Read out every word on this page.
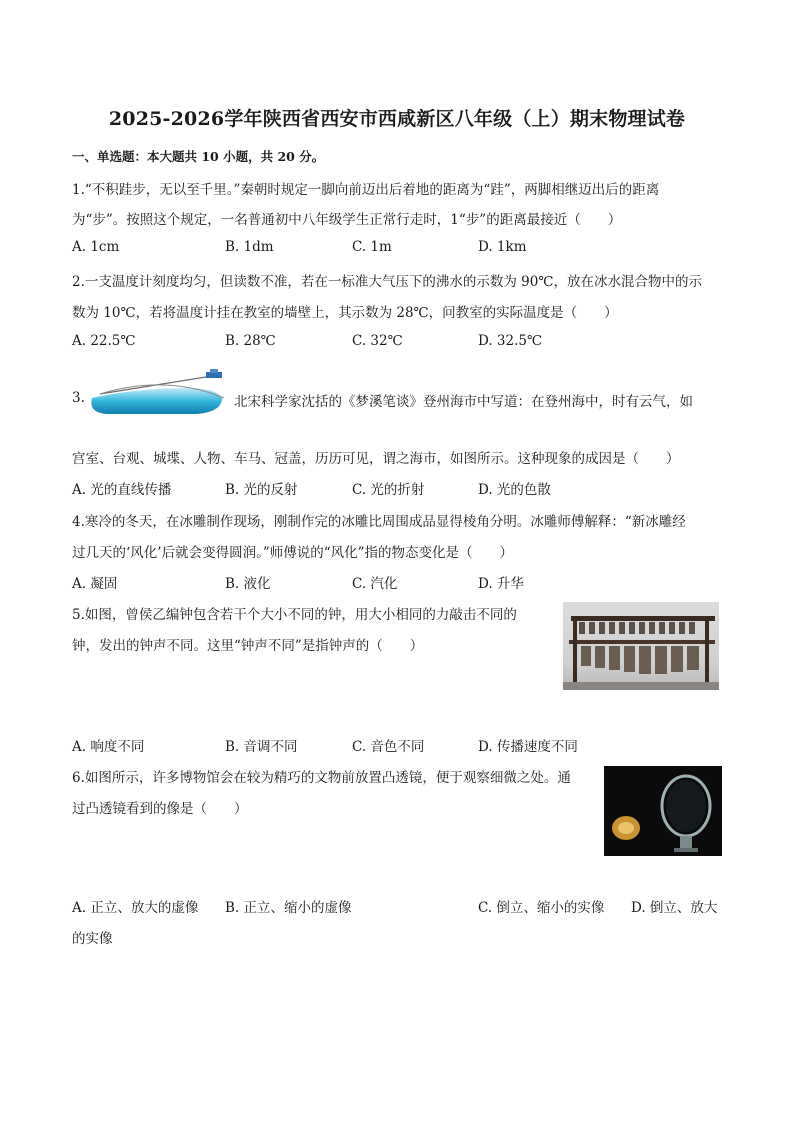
2025-2026学年陕西省西安市西咸新区八年级（上）期末物理试卷
一、单选题：本大题共 10 小题，共 20 分。
1.“不积跬步，无以至千里。”秦朝时规定一脚向前迈出后着地的距离为“跬”，两脚相继迈出后的距离
为“步”。按照这个规定，一名普通初中八年级学生正常行走时，1“步”的距离最接近（　　）
A. 1cm	B. 1dm	C. 1m	D. 1km
2.一支温度计刻度均匀，但读数不准，若在一标准大气压下的沸水的示数为 90℃，放在冰水混合物中的示
数为 10℃，若将温度计挂在教室的墙壁上，其示数为 28℃，问教室的实际温度是（　　）
A. 22.5℃	B. 28℃	C. 32℃	D. 32.5℃
3.	北宋科学家沈括的《梦溪笔谈》登州海市中写道：在登州海中，时有云气，如
宫室、台观、城堞、人物、车马、冠盖，历历可见，谓之海市，如图所示。这种现象的成因是（　　）
A. 光的直线传播	B. 光的反射	C. 光的折射	D. 光的色散
4.寒冷的冬天，在冰雕制作现场，刚制作完的冰雕比周围成品显得棱角分明。冰雕师傅解释：“新冰雕经
过几天的‘风化’后就会变得圆润。”师傅说的“风化”指的物态变化是（　　）
A. 凝固	B. 液化	C. 汽化	D. 升华
5.如图，曾侯乙编钟包含若干个大小不同的钟，用大小相同的力敲击不同的
钟，发出的钟声不同。这里“钟声不同”是指钟声的（　　）
A. 响度不同	B. 音调不同	C. 音色不同	D. 传播速度不同
6.如图所示，许多博物馆会在较为精巧的文物前放置凸透镜，便于观察细微之处。通
过凸透镜看到的像是（　　）
A. 正立、放大的虚像 B. 正立、缩小的虚像	C. 倒立、缩小的实像 D. 倒立、放大
的实像
